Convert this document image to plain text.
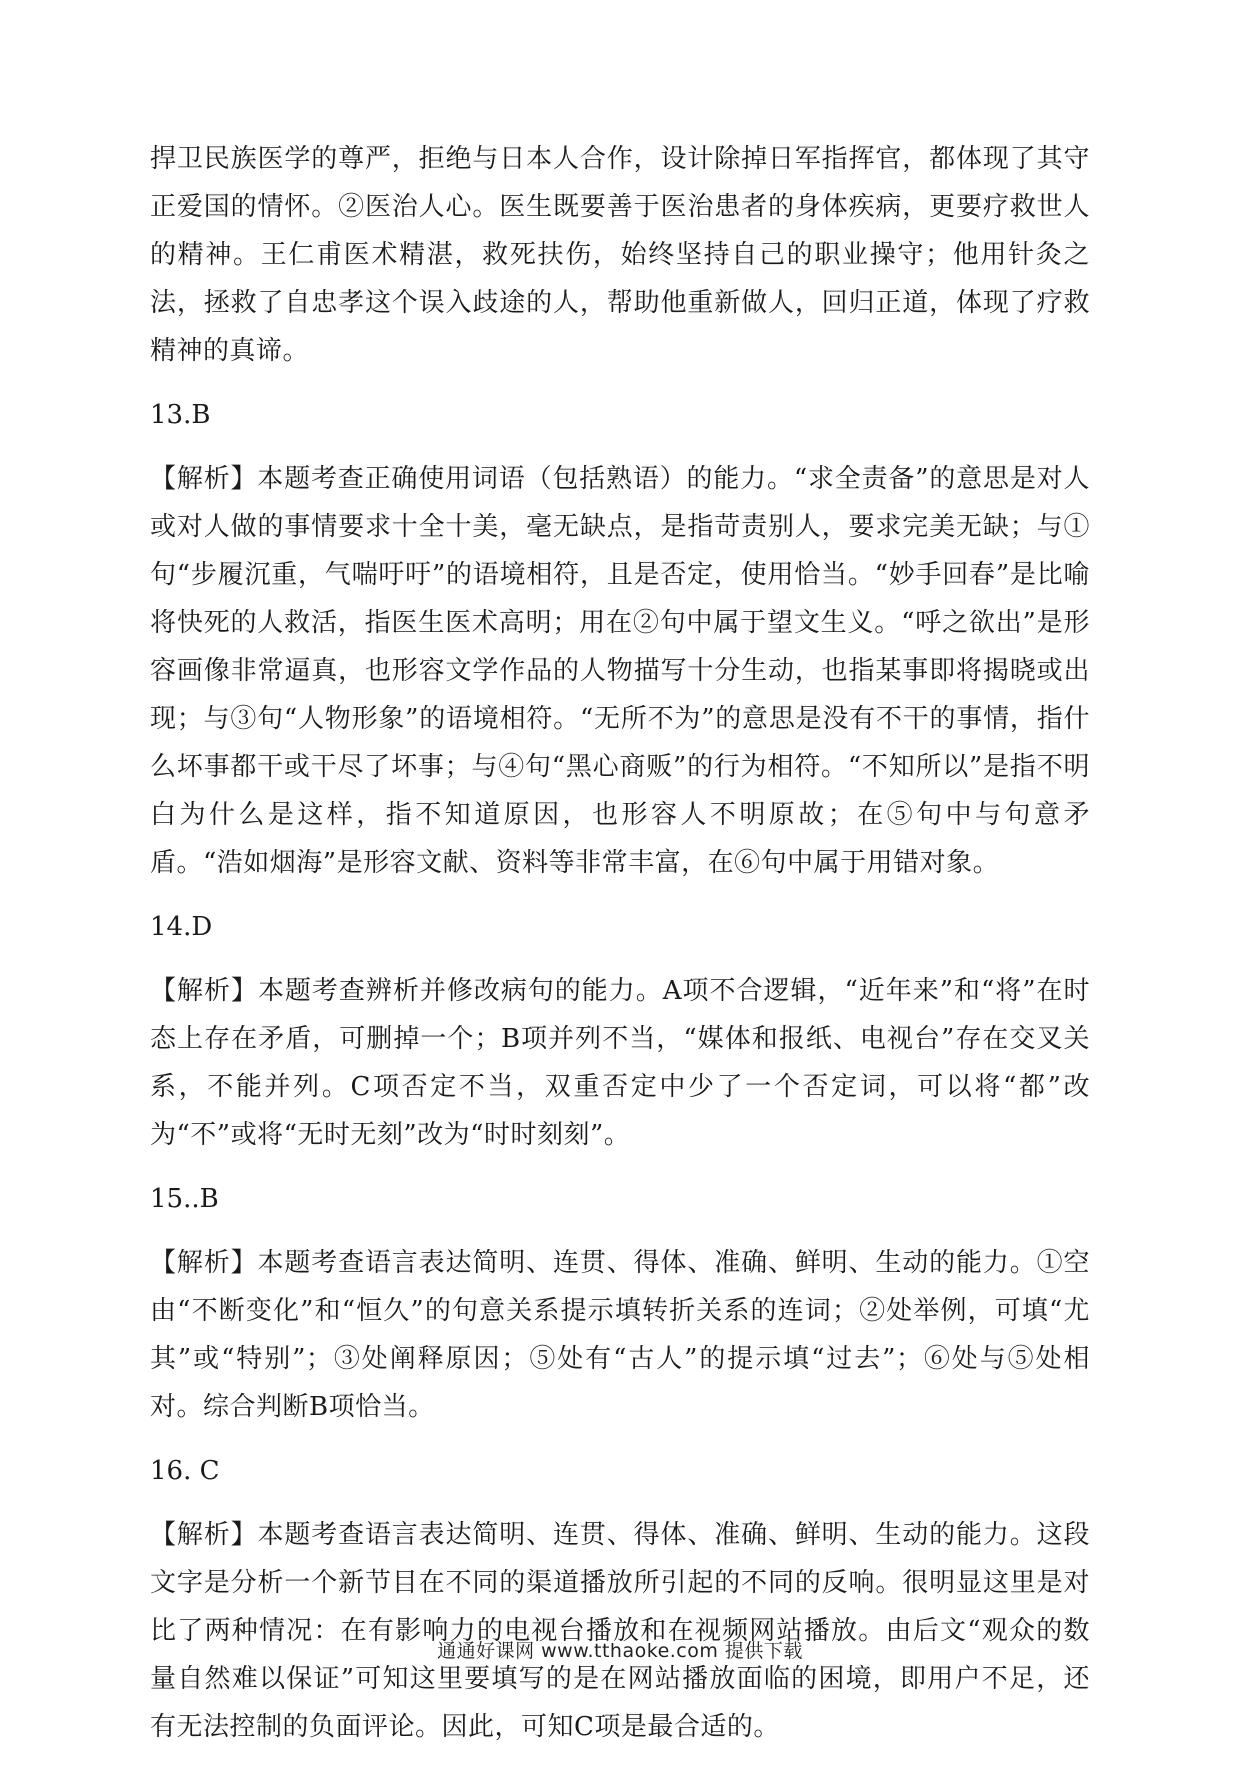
捍卫民族医学的尊严，拒绝与日本人合作，设计除掉日军指挥官，都体现了其守正爱国的情怀。②医治人心。医生既要善于医治患者的身体疾病，更要疗救世人的精神。王仁甫医术精湛，救死扶伤，始终坚持自己的职业操守；他用针灸之法，拯救了自忠孝这个误入歧途的人，帮助他重新做人，回归正道，体现了疗救精神的真谛。

13.B

【解析】本题考查正确使用词语（包括熟语）的能力。“求全责备”的意思是对人或对人做的事情要求十全十美，毫无缺点，是指苛责别人，要求完美无缺；与①句“步履沉重，气喘吁吁”的语境相符，且是否定，使用恰当。“妙手回春”是比喻将快死的人救活，指医生医术高明；用在②句中属于望文生义。“呼之欲出”是形容画像非常逼真，也形容文学作品的人物描写十分生动，也指某事即将揭晓或出现；与③句“人物形象”的语境相符。“无所不为”的意思是没有不干的事情，指什么坏事都干或干尽了坏事；与④句“黑心商贩”的行为相符。“不知所以”是指不明白为什么是这样，指不知道原因，也形容人不明原故；在⑤句中与句意矛盾。“浩如烟海”是形容文献、资料等非常丰富，在⑥句中属于用错对象。

14.D

【解析】本题考查辨析并修改病句的能力。A项不合逻辑，“近年来”和“将”在时态上存在矛盾，可删掉一个；B项并列不当，“媒体和报纸、电视台”存在交叉关系，不能并列。C项否定不当，双重否定中少了一个否定词，可以将“都”改为“不”或将“无时无刻”改为“时时刻刻”。

15..B

【解析】本题考查语言表达简明、连贯、得体、准确、鲜明、生动的能力。①空由“不断变化”和“恒久”的句意关系提示填转折关系的连词；②处举例，可填“尤其”或“特别”；③处阐释原因；⑤处有“古人”的提示填“过去”；⑥处与⑤处相对。综合判断B项恰当。

16. C

【解析】本题考查语言表达简明、连贯、得体、准确、鲜明、生动的能力。这段文字是分析一个新节目在不同的渠道播放所引起的不同的反响。很明显这里是对比了两种情况：在有影响力的电视台播放和在视频网站播放。由后文“观众的数量自然难以保证”可知这里要填写的是在网站播放面临的困境，即用户不足，还有无法控制的负面评论。因此，可知C项是最合适的。

通通好课网 www.tthaoke.com 提供下载
